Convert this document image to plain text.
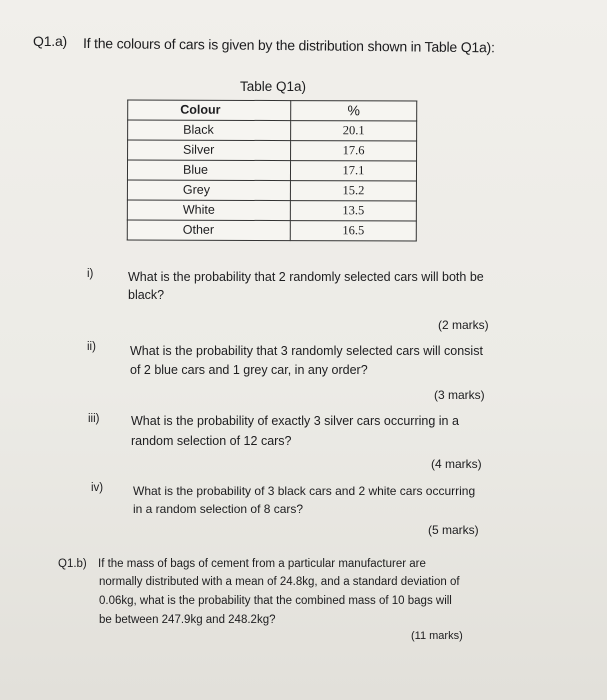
Q1.a) If the colours of cars is given by the distribution shown in Table Q1a):
Table Q1a)
Colour	%
Black	20.1
Silver	17.6
Blue	17.1
Grey	15.2
White	13.5
Other	16.5
i)	What is the probability that 2 randomly selected cars will both be
black?
(2 marks)
ii)	What is the probability that 3 randomly selected cars will consist
of 2 blue cars and 1 grey car, in any order?
(3 marks)
iii)	What is the probability of exactly 3 silver cars occurring in a
random selection of 12 cars?
(4 marks)
iv) What is the probability of 3 black cars and 2 white cars occurring
in a random selection of 8 cars?
(5 marks)
Q1.b) If the mass of bags of cement from a particular manufacturer are
normally distributed with a mean of 24.8kg, and a standard deviation of
0.06kg, what is the probability that the combined mass of 10 bags will
be between 247.9kg and 248.2kg?
(11 marks)
